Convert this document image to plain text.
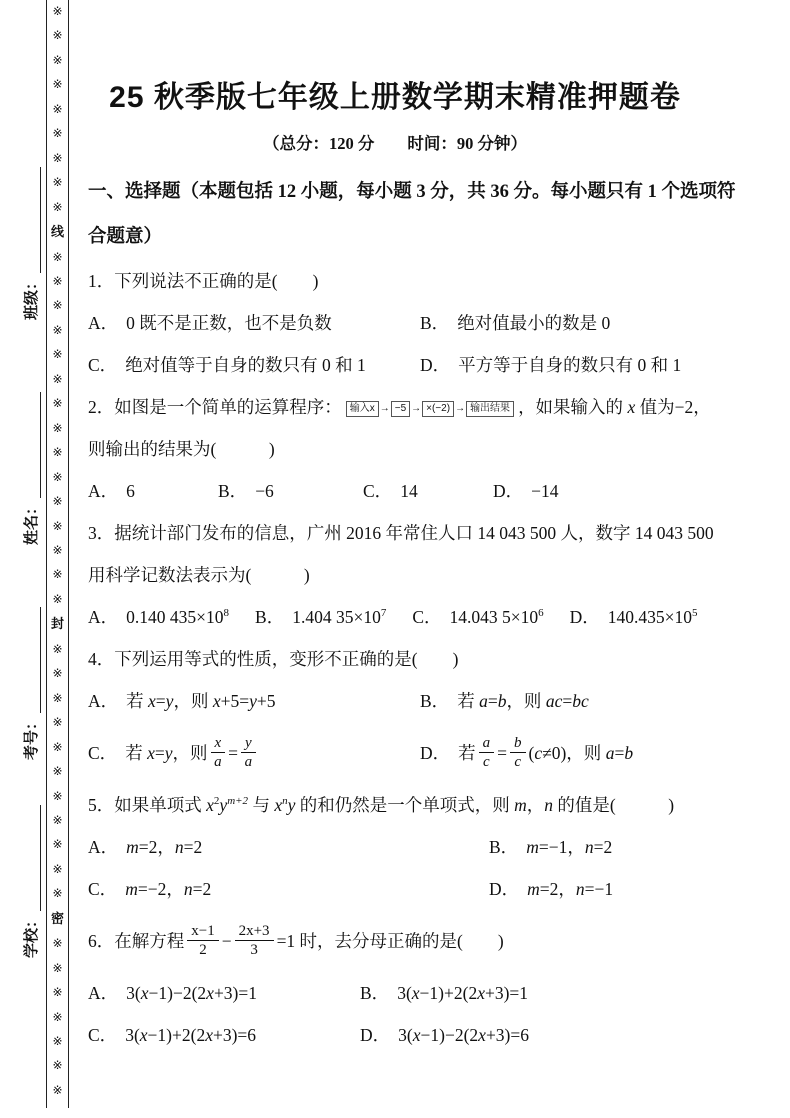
※
※
※
※
※
※
※
※
※
线
※
※
※
※
※
※
※
※
※
※
※
※
※
※
※
封
※
※
※
※
※
※
※
※
※
※
※
密
※
※
※
※
※
※
※
班级：
姓名：
考号：
学校：
25 秋季版七年级上册数学期末精准押题卷
（总分：120 分　　时间：90 分钟）
一、选择题（本题包括 12 小题，每小题 3 分，共 36 分。每小题只有 1 个选项符
合题意）
1．下列说法不正确的是(　　)
A． 0 既不是正数，也不是负数	B． 绝对值最小的数是 0
C． 绝对值等于自身的数只有 0 和 1	D． 平方等于自身的数只有 0 和 1
2．如图是一个简单的运算程序： 输入x → −5 → ×(−2) → 输出结果 ，如果输入的 x 值为−2，
则输出的结果为(　　　)
A． 6	B． −6	C． 14	D． −14
3．据统计部门发布的信息，广州 2016 年常住人口 14 043 500 人，数字 14 043 500
用科学记数法表示为(　　　)
A． 0.140 $435\times 10^8$ B． 1.404 $35\times 10^7$ C． 14.043 $5\times 10^6$ D． $140.435\times 10^5$
4．下列运用等式的性质，变形不正确的是(　　)
A． 若 x=y，则 x+5=y+5	B． 若 a=b，则 ac=bc
C． 若 x=y，则 $\frac{x}{a} = \frac{y}{a}$	D． 若 $\frac{a}{c} = \frac{b}{c} (c\ne 0)$，则 a=b
5．如果单项式 $x^2y^{m+2}$ 与 $x^ny$ 的和仍然是一个单项式，则 m，n 的值是(　　　)
A． m=2，n=2	B． m=−1，n=2
C． m=−2，n=2	D． m=2，n=−1
6．在解方程 $\frac{x-1}{2} - \frac{2x+3}{3} =1$ 时，去分母正确的是(　　)
A． 3(x−1)−2(2x+3)=1	B． 3(x−1)+2(2x+3)=1
C． 3(x−1)+2(2x+3)=6	D． 3(x−1)−2(2x+3)=6
